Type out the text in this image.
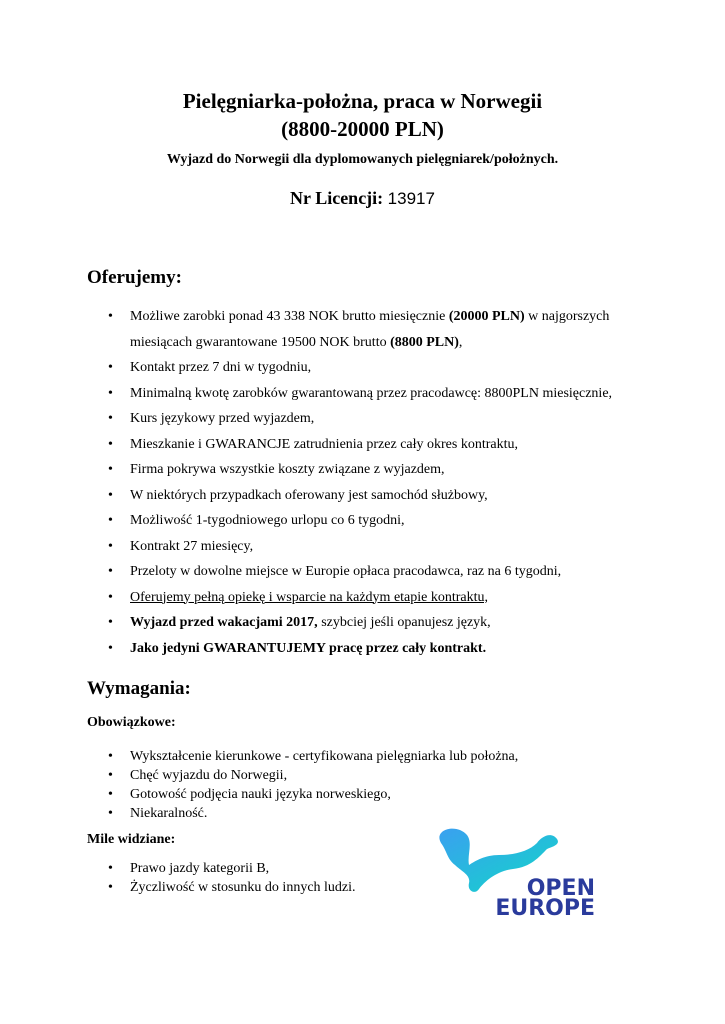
Pielęgniarka-położna, praca w Norwegii
(8800-20000 PLN)
Wyjazd do Norwegii dla dyplomowanych pielęgniarek/położnych.
Nr Licencji: 13917
Oferujemy:
• Możliwe zarobki ponad 43 338 NOK brutto miesięcznie (20000 PLN) w najgorszych miesiącach gwarantowane 19500 NOK brutto (8800 PLN),
• Kontakt przez 7 dni w tygodniu,
• Minimalną kwotę zarobków gwarantowaną przez pracodawcę: 8800PLN miesięcznie,
• Kurs językowy przed wyjazdem,
• Mieszkanie i GWARANCJE zatrudnienia przez cały okres kontraktu,
• Firma pokrywa wszystkie koszty związane z wyjazdem,
• W niektórych przypadkach oferowany jest samochód służbowy,
• Możliwość 1-tygodniowego urlopu co 6 tygodni,
• Kontrakt 27 miesięcy,
• Przeloty w dowolne miejsce w Europie opłaca pracodawca, raz na 6 tygodni,
• Oferujemy pełną opiekę i wsparcie na każdym etapie kontraktu,
• Wyjazd przed wakacjami 2017, szybciej jeśli opanujesz język,
• Jako jedyni GWARANTUJEMY pracę przez cały kontrakt.
Wymagania:
Obowiązkowe:
• Wykształcenie kierunkowe - certyfikowana pielęgniarka lub położna,
• Chęć wyjazdu do Norwegii,
• Gotowość podjęcia nauki języka norweskiego,
• Niekaralność.
Mile widziane:
• Prawo jazdy kategorii B,
• Życzliwość w stosunku do innych ludzi.	OPEN
EUROPE
